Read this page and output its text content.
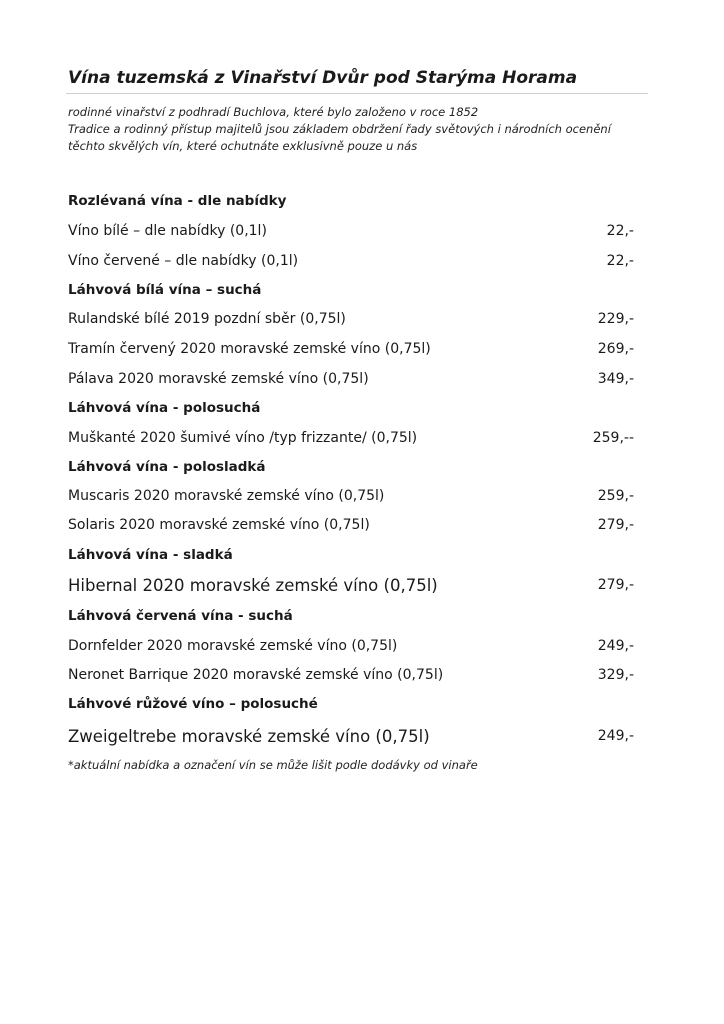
Vína tuzemská z Vinařství Dvůr pod Starýma Horama
rodinné vinařství z podhradí Buchlova, které bylo založeno v roce 1852
Tradice a rodinný přístup majitelů jsou základem obdržení řady světových i národních ocenění
těchto skvělých vín, které ochutnáte exklusivně pouze u nás
Rozlévaná vína - dle nabídky
Víno bílé – dle nabídky (0,1l)	22,-
Víno červené – dle nabídky (0,1l)	22,-
Láhvová bílá vína – suchá
Rulandské bílé 2019 pozdní sběr (0,75l)	229,-
Tramín červený 2020 moravské zemské víno (0,75l)	269,-
Pálava 2020 moravské zemské víno (0,75l)	349,-
Láhvová vína - polosuchá
Muškanté 2020 šumivé víno /typ frizzante/ (0,75l)	259,--
Láhvová vína - polosladká
Muscaris 2020 moravské zemské víno (0,75l)	259,-
Solaris 2020 moravské zemské víno (0,75l)	279,-
Láhvová vína - sladká
Hibernal 2020 moravské zemské víno (0,75l)	279,-
Láhvová červená vína - suchá
Dornfelder 2020 moravské zemské víno (0,75l)	249,-
Neronet Barrique 2020 moravské zemské víno (0,75l)	329,-
Láhvové růžové víno – polosuché
Zweigeltrebe moravské zemské víno (0,75l)	249,-
*aktuální nabídka a označení vín se může lišit podle dodávky od vinaře
